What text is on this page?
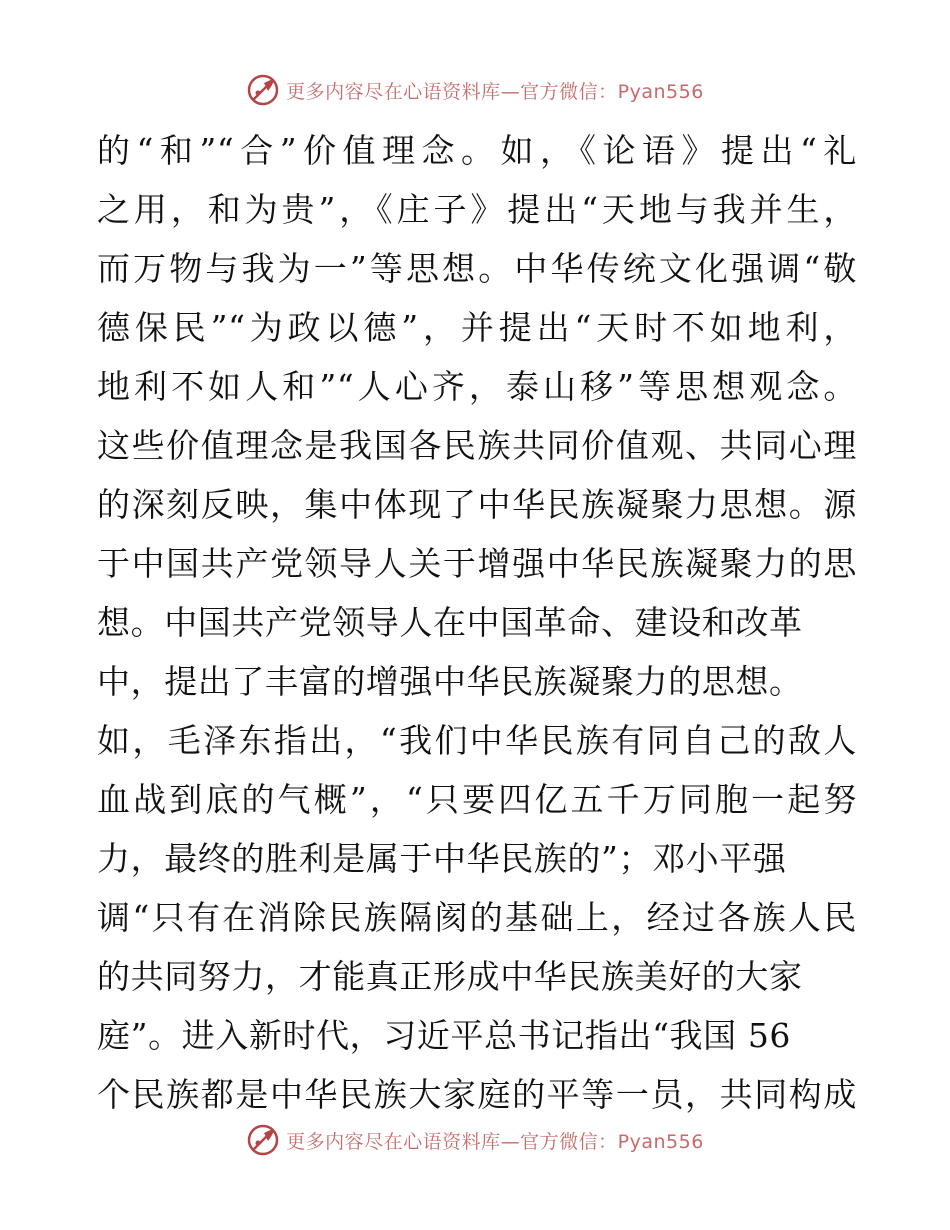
更多内容尽在心语资料库—官方微信：Pyan556
的“和”“合”价值理念。如，《论语》提出“礼
之用，和为贵”，《庄子》提出“天地与我并生，
而万物与我为一”等思想。中华传统文化强调“敬
德保民”“为政以德”，并提出“天时不如地利，
地利不如人和”“人心齐，泰山移”等思想观念。
这些价值理念是我国各民族共同价值观、共同心理
的深刻反映，集中体现了中华民族凝聚力思想。源
于中国共产党领导人关于增强中华民族凝聚力的思
想。中国共产党领导人在中国革命、建设和改革
中，提出了丰富的增强中华民族凝聚力的思想。
如，毛泽东指出，“我们中华民族有同自己的敌人
血战到底的气概”，“只要四亿五千万同胞一起努
力，最终的胜利是属于中华民族的”；邓小平强
调“只有在消除民族隔阂的基础上，经过各族人民
的共同努力，才能真正形成中华民族美好的大家
庭”。进入新时代，习近平总书记指出“我国 56
个民族都是中华民族大家庭的平等一员，共同构成
更多内容尽在心语资料库—官方微信：Pyan556
